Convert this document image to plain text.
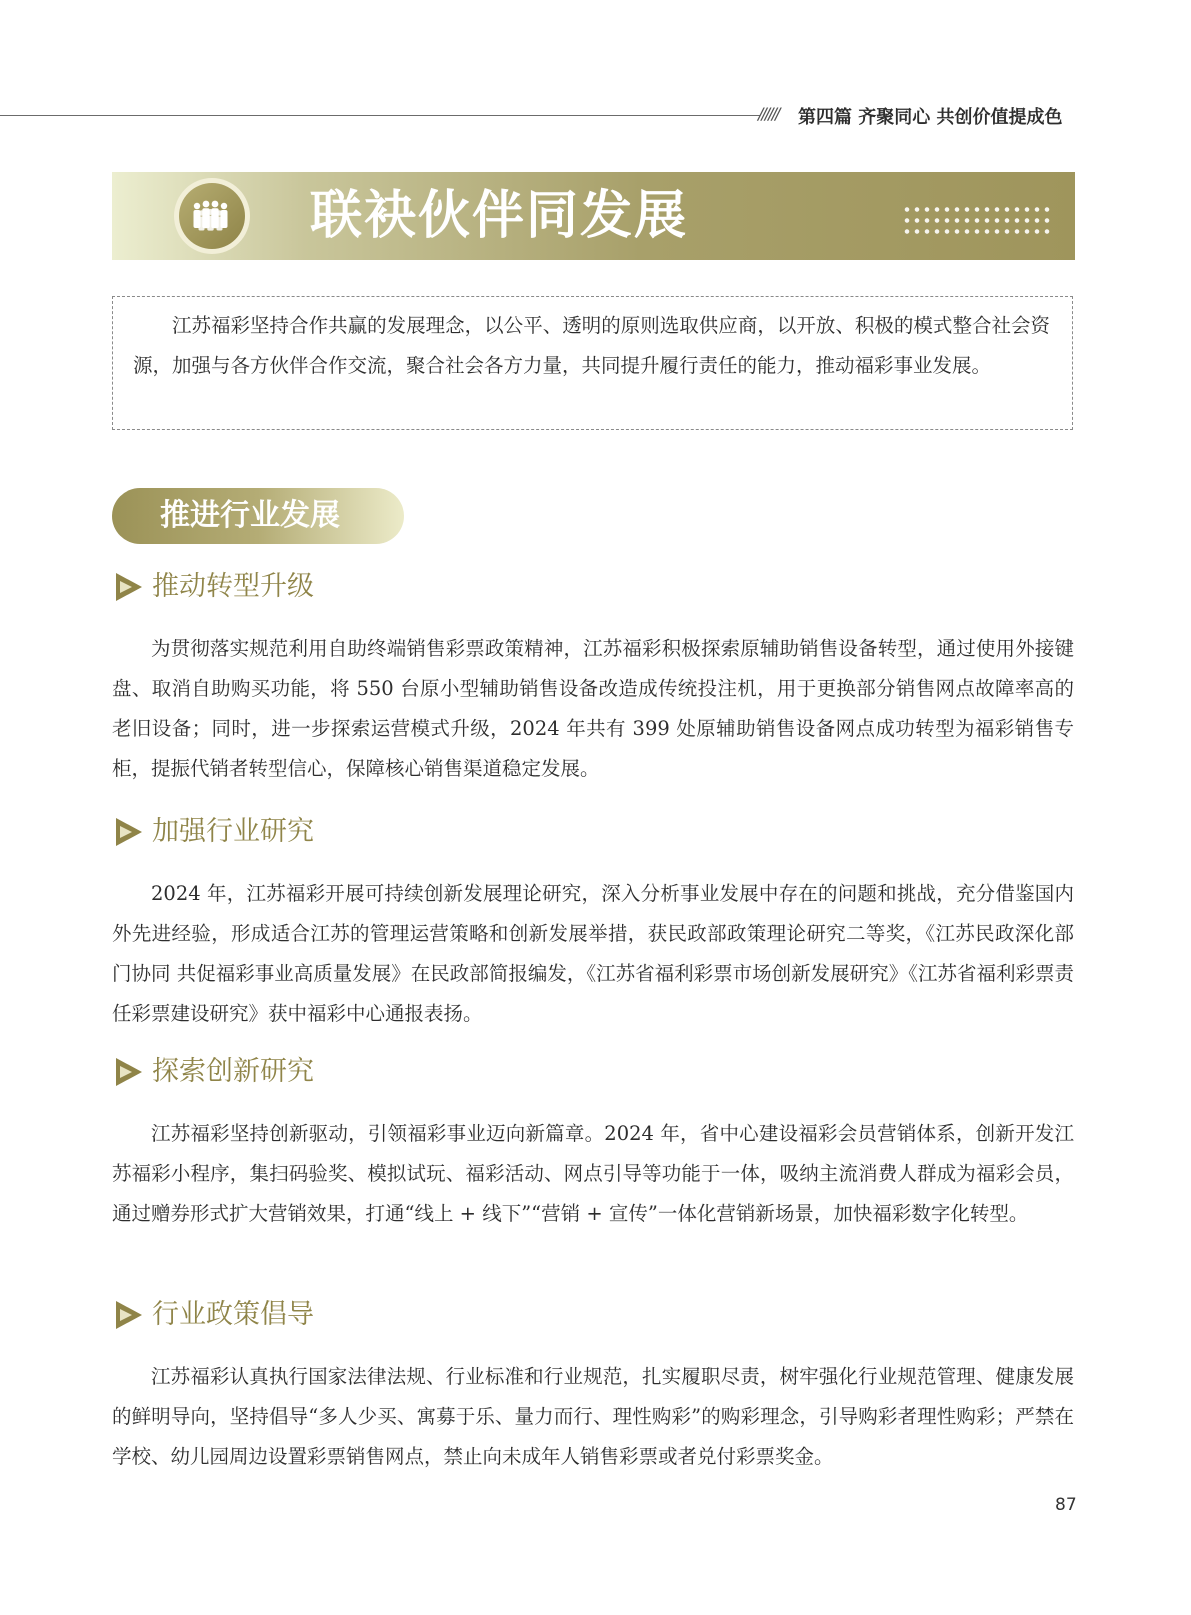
////// 第四篇 齐聚同心 共创价值提成色
联袂伙伴同发展

江苏福彩坚持合作共赢的发展理念，以公平、透明的原则选取供应商，以开放、积极的模式整合社会资源，加强与各方伙伴合作交流，聚合社会各方力量，共同提升履行责任的能力，推动福彩事业发展。

推进行业发展
推动转型升级

为贯彻落实规范利用自助终端销售彩票政策精神，江苏福彩积极探索原辅助销售设备转型，通过使用外接键盘、取消自助购买功能，将 550 台原小型辅助销售设备改造成传统投注机，用于更换部分销售网点故障率高的老旧设备；同时，进一步探索运营模式升级，2024 年共有 399 处原辅助销售设备网点成功转型为福彩销售专柜，提振代销者转型信心，保障核心销售渠道稳定发展。

加强行业研究

2024 年，江苏福彩开展可持续创新发展理论研究，深入分析事业发展中存在的问题和挑战，充分借鉴国内外先进经验，形成适合江苏的管理运营策略和创新发展举措，获民政部政策理论研究二等奖，《江苏民政深化部门协同 共促福彩事业高质量发展》在民政部简报编发，《江苏省福利彩票市场创新发展研究》《江苏省福利彩票责任彩票建设研究》获中福彩中心通报表扬。

探索创新研究

江苏福彩坚持创新驱动，引领福彩事业迈向新篇章。2024 年，省中心建设福彩会员营销体系，创新开发江苏福彩小程序，集扫码验奖、模拟试玩、福彩活动、网点引导等功能于一体，吸纳主流消费人群成为福彩会员，通过赠券形式扩大营销效果，打通“线上 + 线下”“营销 + 宣传”一体化营销新场景，加快福彩数字化转型。

行业政策倡导

江苏福彩认真执行国家法律法规、行业标准和行业规范，扎实履职尽责，树牢强化行业规范管理、健康发展的鲜明导向，坚持倡导“多人少买、寓募于乐、量力而行、理性购彩”的购彩理念，引导购彩者理性购彩；严禁在学校、幼儿园周边设置彩票销售网点，禁止向未成年人销售彩票或者兑付彩票奖金。

87
